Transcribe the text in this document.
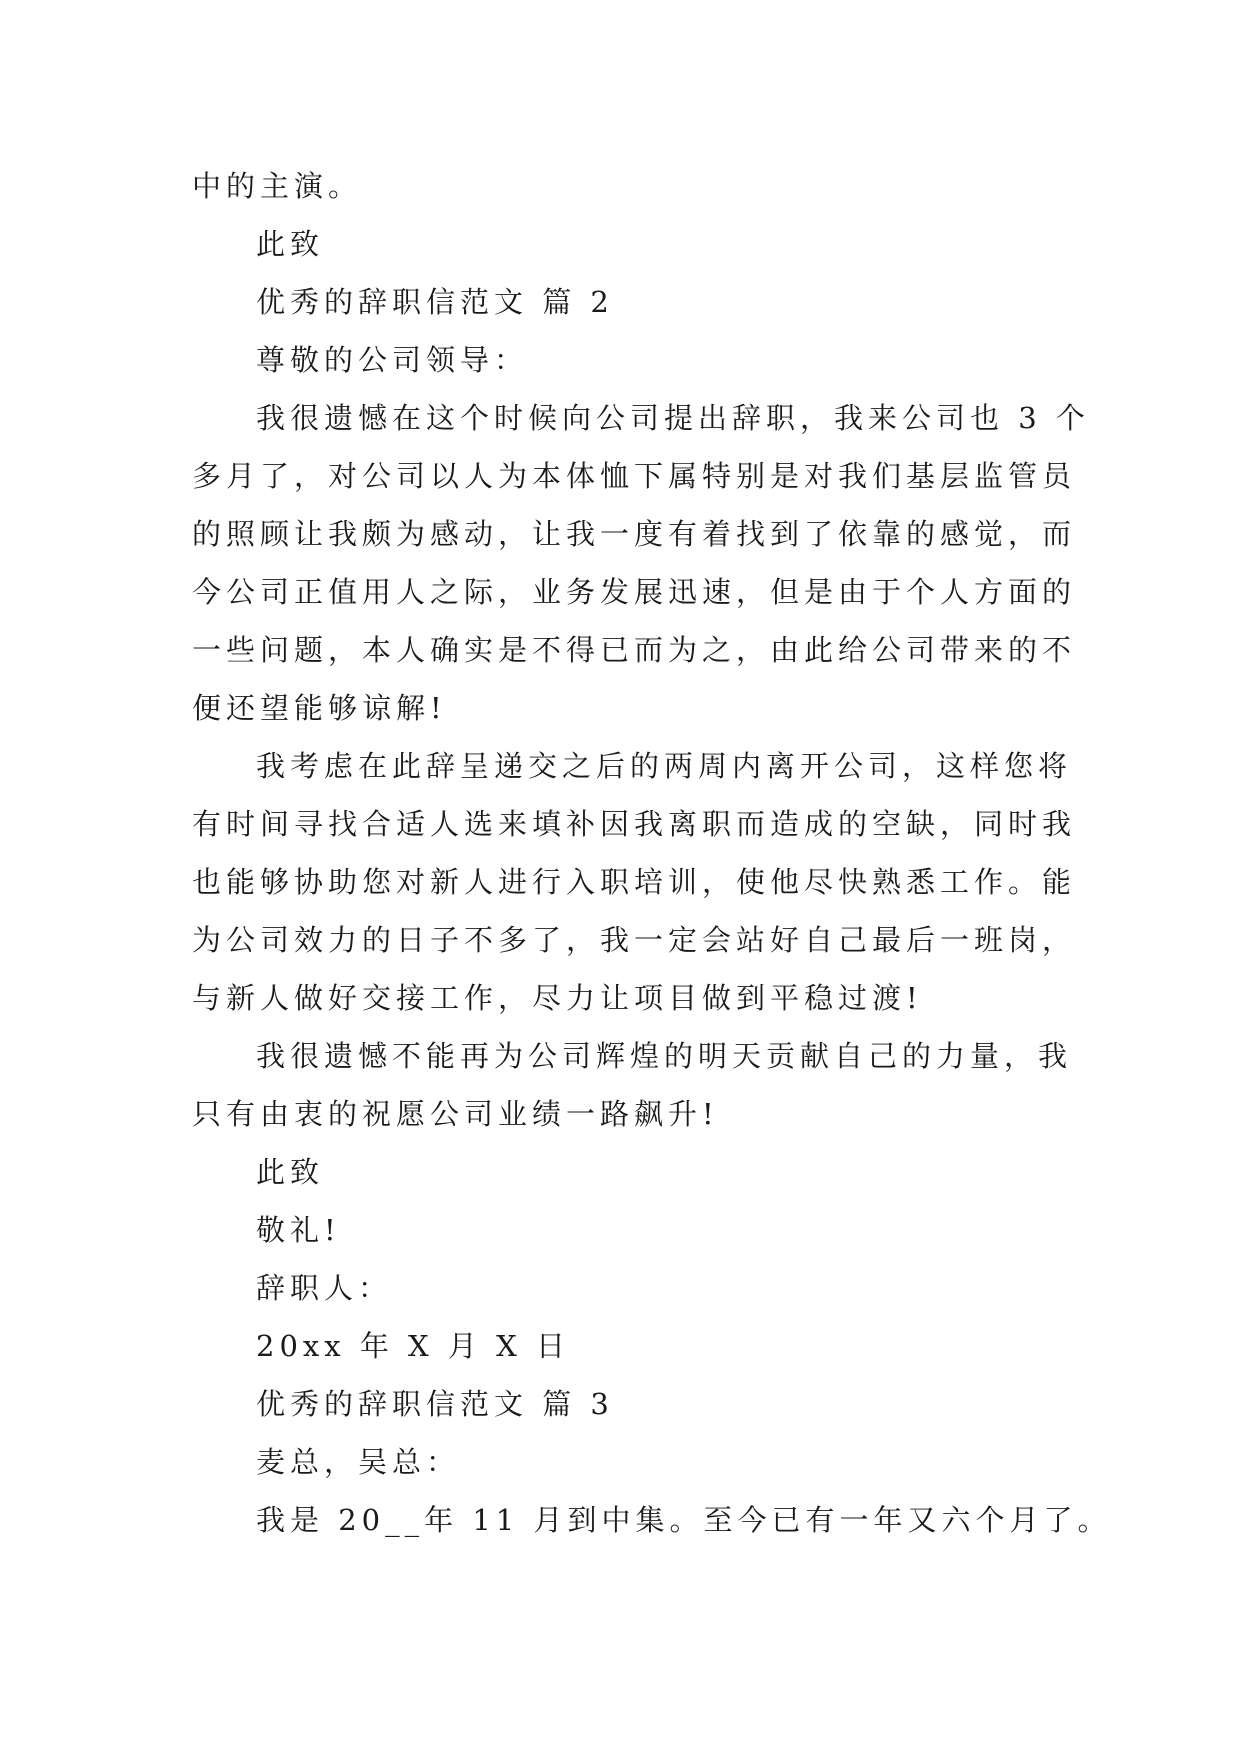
中的主演。
此致
优秀的辞职信范文 篇 2
尊敬的公司领导：
我很遗憾在这个时候向公司提出辞职，我来公司也 3 个
多月了，对公司以人为本体恤下属特别是对我们基层监管员
的照顾让我颇为感动，让我一度有着找到了依靠的感觉，而
今公司正值用人之际，业务发展迅速，但是由于个人方面的
一些问题，本人确实是不得已而为之，由此给公司带来的不
便还望能够谅解!
我考虑在此辞呈递交之后的两周内离开公司，这样您将
有时间寻找合适人选来填补因我离职而造成的空缺，同时我
也能够协助您对新人进行入职培训，使他尽快熟悉工作。能
为公司效力的日子不多了，我一定会站好自己最后一班岗，
与新人做好交接工作，尽力让项目做到平稳过渡!
我很遗憾不能再为公司辉煌的明天贡献自己的力量，我
只有由衷的祝愿公司业绩一路飙升!
此致
敬礼!
辞职人：
20xx 年 X 月 X 日
优秀的辞职信范文 篇 3
麦总，吴总：
我是 20__年 11 月到中集。至今已有一年又六个月了。
